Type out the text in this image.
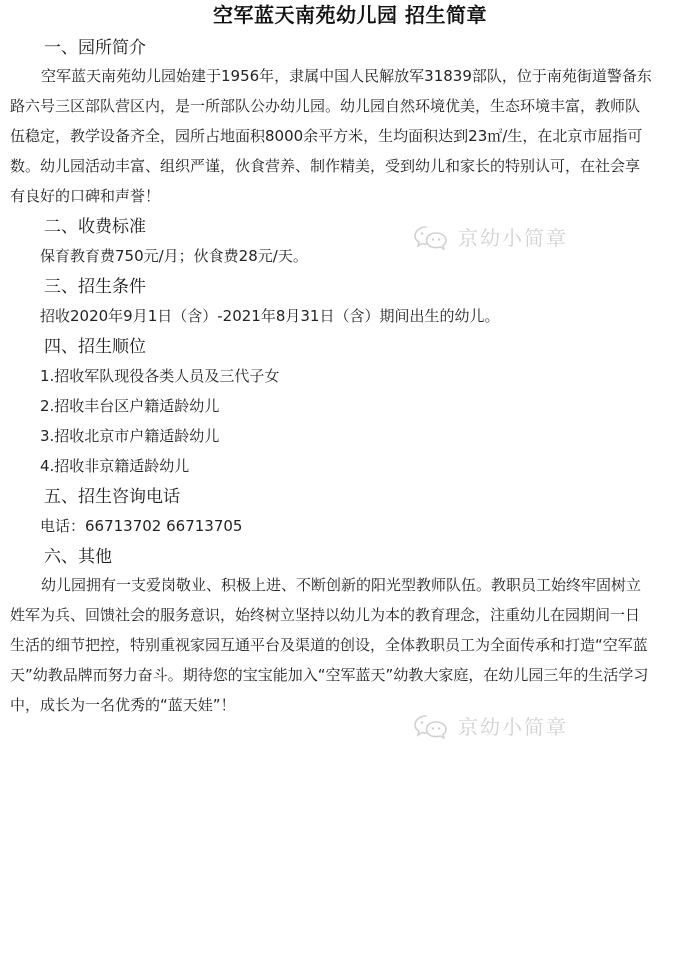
空军蓝天南苑幼儿园 招生简章
一、园所简介
空军蓝天南苑幼儿园始建于1956年，隶属中国人民解放军31839部队，位于南苑街道警备东
路六号三区部队营区内，是一所部队公办幼儿园。幼儿园自然环境优美，生态环境丰富，教师队
伍稳定，教学设备齐全，园所占地面积8000余平方米，生均面积达到23㎡/生，在北京市屈指可
数。幼儿园活动丰富、组织严谨，伙食营养、制作精美，受到幼儿和家长的特别认可，在社会享
有良好的口碑和声誉！
二、收费标准
保育教育费750元/月；伙食费28元/天。
三、招生条件
招收2020年9月1日（含）-2021年8月31日（含）期间出生的幼儿。
四、招生顺位
1.招收军队现役各类人员及三代子女
2.招收丰台区户籍适龄幼儿
3.招收北京市户籍适龄幼儿
4.招收非京籍适龄幼儿
五、招生咨询电话
电话：66713702 66713705
六、其他
幼儿园拥有一支爱岗敬业、积极上进、不断创新的阳光型教师队伍。教职员工始终牢固树立
姓军为兵、回馈社会的服务意识，始终树立坚持以幼儿为本的教育理念，注重幼儿在园期间一日
生活的细节把控，特别重视家园互通平台及渠道的创设，全体教职员工为全面传承和打造“空军蓝
天”幼教品牌而努力奋斗。期待您的宝宝能加入“空军蓝天”幼教大家庭，在幼儿园三年的生活学习
中，成长为一名优秀的“蓝天娃”！
京幼小简章
京幼小简章
